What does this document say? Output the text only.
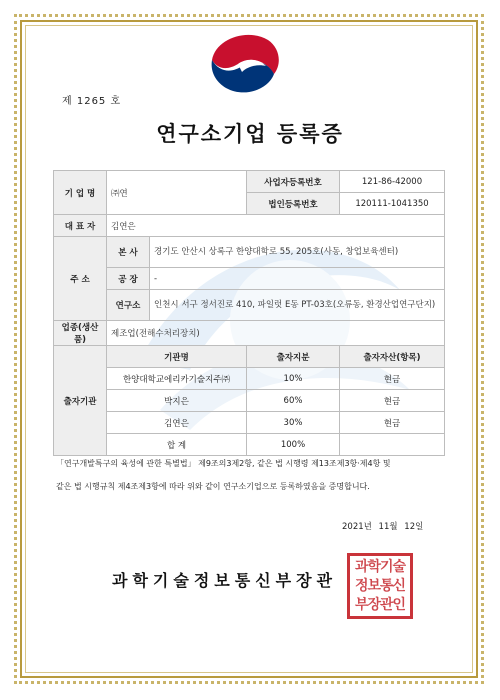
제 1265 호
연구소기업 등록증
기 업 명	㈜연		사업자등록번호	121-86-42000
			법인등록번호	120111-1041350
대 표 자	김연은			
주 소	본 사	경기도 안산시 상록구 한양대학로 55, 205호(사동, 창업보육센터)		
	공 장	-		
	연구소	인천시 서구 정서진로 410, 파일럿 E동 PT-03호(오류동, 환경산업연구단지)		
업종(생산품)	제조업(전해수처리장치)			
출자기관	기관명		출자지분	출자자산(항목)
	한양대학교에리카기술지주㈜		10%	현금
	박지은		60%	현금
	김연은		30%	현금
	합 계		100%	
「연구개발특구의 육성에 관한 특별법」 제9조의3제2항, 같은 법 시행령 제13조제3항·제4항 및
같은 법 시행규칙 제4조제3항에 따라 위와 같이 연구소기업으로 등록하였음을 증명합니다.
2021년 11월 12일
과학기술정보통신부장관
과학기술
정보통신
부장관인
